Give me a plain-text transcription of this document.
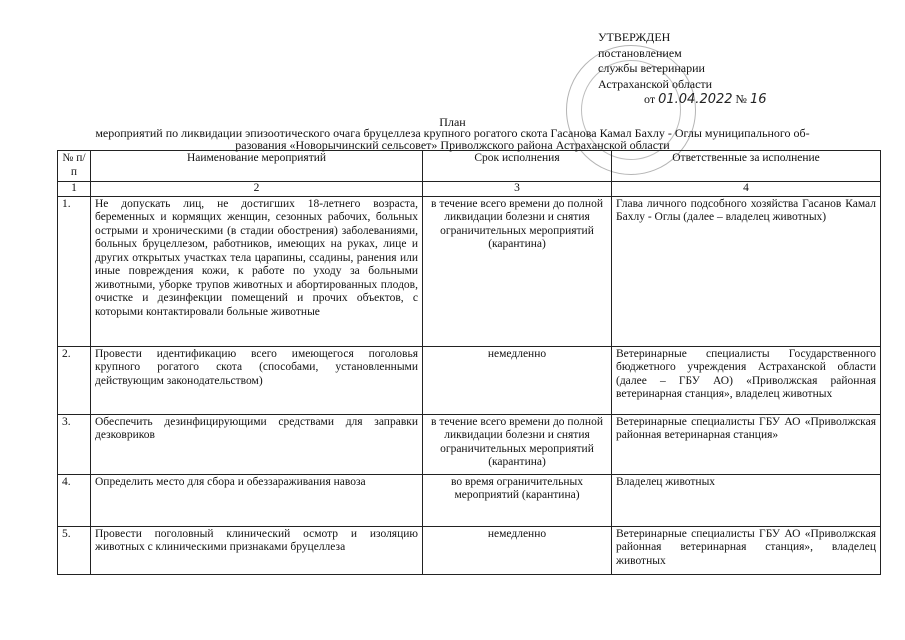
УТВЕРЖДЕН
постановлением
службы ветеринарии
Астраханской области
от 01.04.2022 № 16
План
мероприятий по ликвидации эпизоотического очага бруцеллеза крупного рогатого скота Гасанова Камал Бахлу - Оглы муниципального об-
разования «Новорычинский сельсовет» Приволжского района Астраханской области
№ п/п	Наименование мероприятий	Срок исполнения	Ответственные за исполнение
1	2	3	4
1.	Не допускать лиц, не достигших 18-летнего возраста, беременных и кормящих женщин, сезонных рабочих, больных острыми и хроническими (в стадии обострения) заболеваниями, больных бруцеллезом, работников, имеющих на руках, лице и других открытых участках тела царапины, ссадины, ранения или иные повреждения кожи, к работе по уходу за больными животными, уборке трупов животных и абортированных плодов, очистке и дезинфекции помещений и прочих объектов, с которыми контактировали больные животные	в течение всего времени до полной ликвидации болезни и снятия ограничительных мероприятий (карантина)	Глава личного подсобного хозяйства Гасанов Камал Бахлу - Оглы (далее – владелец животных)
2.	Провести идентификацию всего имеющегося поголовья крупного рогатого скота (способами, установленными действующим законодательством)	немедленно	Ветеринарные специалисты Государственного бюджетного учреждения Астраханской области (далее – ГБУ АО) «Приволжская районная ветеринарная станция», владелец животных
3.	Обеспечить дезинфицирующими средствами для заправки дезковриков	в течение всего времени до полной ликвидации болезни и снятия ограничительных мероприятий (карантина)	Ветеринарные специалисты ГБУ АО «Приволжская районная ветеринарная станция»
4.	Определить место для сбора и обеззараживания навоза	во время ограничительных мероприятий (карантина)	Владелец животных
5.	Провести поголовный клинический осмотр и изоляцию животных с клиническими признаками бруцеллеза	немедленно	Ветеринарные специалисты ГБУ АО «Приволжская районная ветеринарная станция», владелец животных
